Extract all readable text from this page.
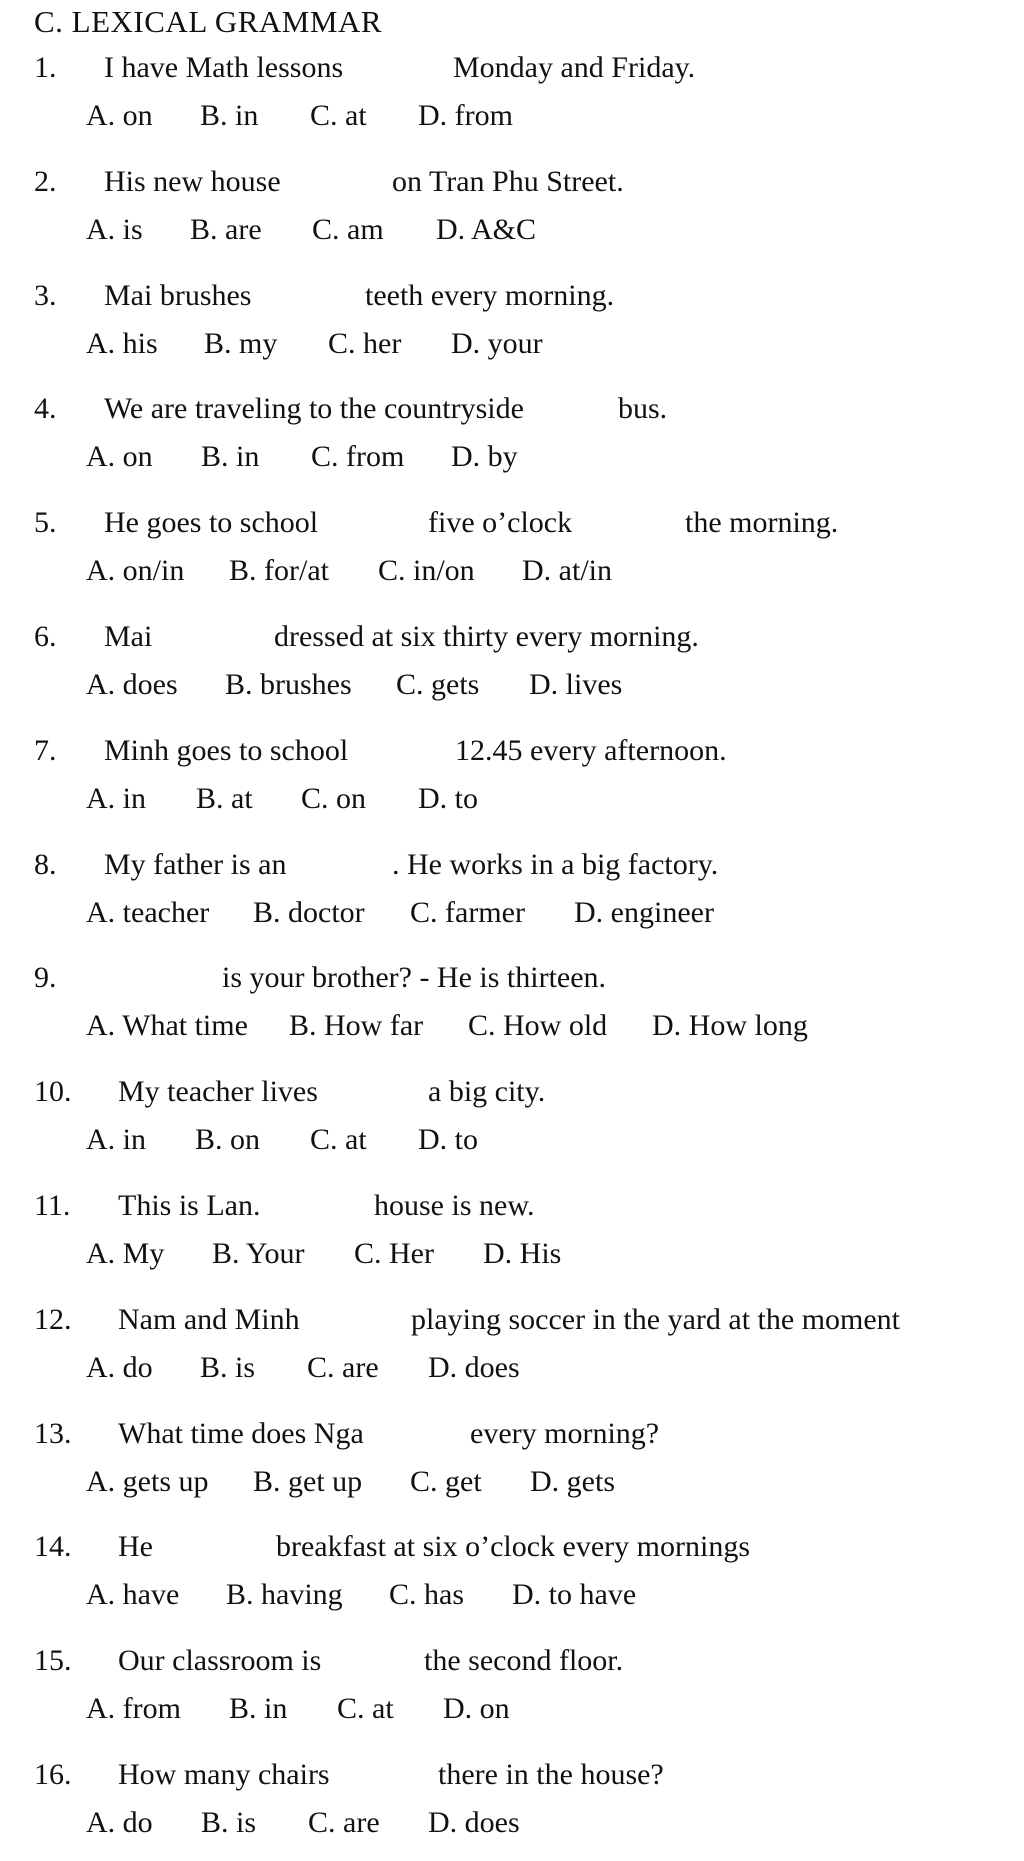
C. LEXICAL GRAMMAR
1. I have Math lessons	Monday and Friday.
A. on B. in C. at D. from
2. His new house	on Tran Phu Street.
A. is B. are C. am D. A&C
3. Mai brushes	teeth every morning.
A. his B. my C. her D. your
4. We are traveling to the countryside	bus.
A. on B. in C. from D. by
5. He goes to school	five o’clock	the morning.
A. on/in B. for/at C. in/on D. at/in
6. Mai	dressed at six thirty every morning.
A. does B. brushes C. gets D. lives
7. Minh goes to school	12.45 every afternoon.
A. in B. at C. on D. to
8. My father is an	. He works in a big factory.
A. teacher B. doctor C. farmer D. engineer
9.	is your brother? - He is thirteen.
A. What time B. How far C. How old D. How long
10. My teacher lives	a big city.
A. in B. on C. at D. to
11. This is Lan.	house is new.
A. My B. Your C. Her D. His
12. Nam and Minh	playing soccer in the yard at the moment
A. do B. is C. are D. does
13. What time does Nga	every morning?
A. gets up B. get up C. get D. gets
14. He	breakfast at six o’clock every mornings
A. have B. having C. has D. to have
15. Our classroom is	the second floor.
A. from B. in C. at D. on
16. How many chairs	there in the house?
A. do B. is C. are D. does
